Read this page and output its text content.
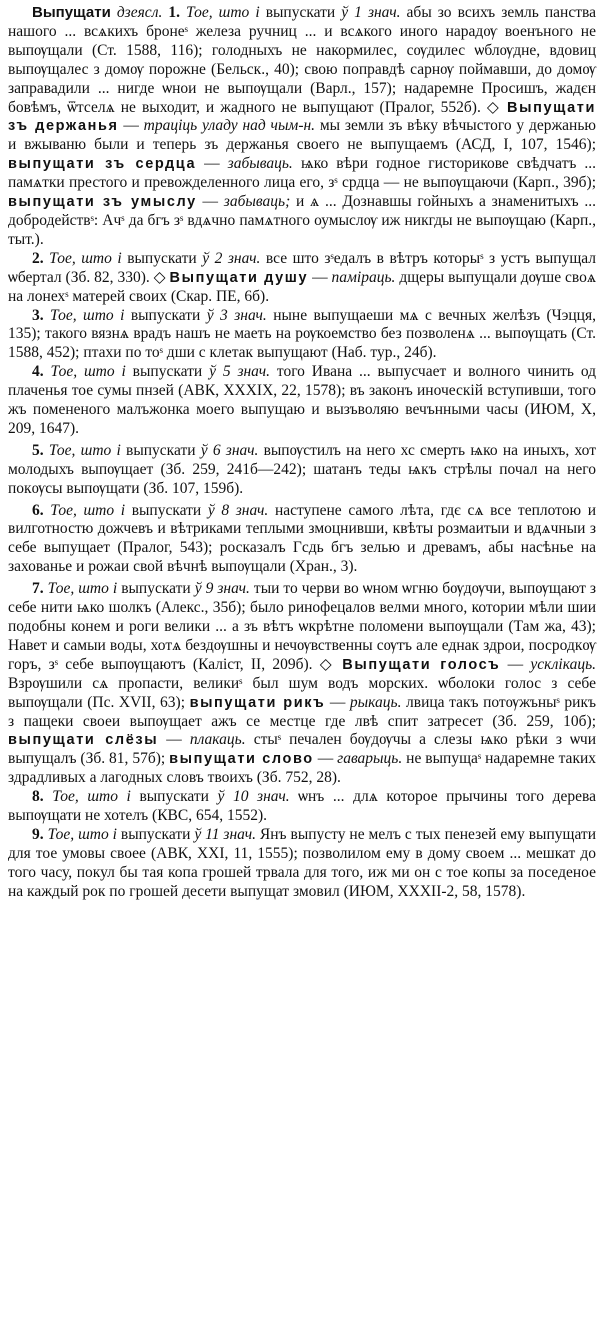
Выпущати дзеясл. 1. Тое, што і выпускати ў 1 знач. абы зо всихъ земль панства нашого ... всѧкихъ бронеˢ железа ручниц ... и всѧкого иного нарадѹ военъного не выпѹщали (Ст. 1588, 116); голодныхъ не накормилес, сѹдилес ѡблѹдне, вдовиц выпѹщалес з домѹ порожне (Бельск., 40); свою поправдѣ сарнѹ поймавши, до домѹ заправадили ... нигде ѡнои не выпѹщали (Варл., 157); надаремне Просишъ, жадєн бовѣмъ, ѿтселѧ не выходит, и жадного не выпущают (Пралог, 552б). ◇ Выпущати зъ держанья — траціць уладу над чым-н. мы земли зъ вѣку вѣчыстого у держанью и вжываню были и теперь зъ держанья своего не выпущаемъ (АСД, I, 107, 1546); выпущати зъ сердца — забываць. ѩко вѣри годное гисторикове свѣдчатъ ... памѧтки престого и превожделенного лица его, зˢ срдца — не выпѹщаючи (Карп., 39б); выпущати зъ умыслу — забываць; и ѧ ... Дознавшы гойныхъ а знаменитыхъ ... добродействˢ: Ачˢ да бгъ зˢ вдѧчно памѧтного оумыслѹ иж никгды не выпѹщаю (Карп., тыт.).

2. Тое, што і выпускати ў 2 знач. все што зˢедалъ в вѣтръ которыˢ з устъ выпущал ѡбертал (Зб. 82, 330). ◇ Выпущати душу — паміраць. дщеры выпущали дѹше своѧ на лонехˢ матерей своих (Скар. ПЕ, 6б).

3. Тое, што і выпускати ў 3 знач. ныне выпущаеши мѧ с вечных желѣзъ (Чэцця, 135); такого вязнѧ врадъ нашъ не маеть на рѹкоемство без позволенѧ ... выпѹщать (Ст. 1588, 452); птахи по тоˢ дши с клетак выпущают (Наб. тур., 24б).

4. Тое, што і выпускати ў 5 знач. того Ивана ... выпусчает и волного чинить од плаченья тое сумы пнзей (АВК, XXXIX, 22, 1578); въ законъ иноческій вступивши, того жъ помененого малъжонка моего выпущаю и вызъволяю вечънными часы (ИЮМ, X, 209, 1647).

5. Тое, што і выпускати ў 6 знач. выпѹстилъ на него хс смерть ѩко на иныхъ, хот молодыхъ выпѹщает (Зб. 259, 241б—242); шатанъ теды ѩкъ стрѣлы почал на него покѹсы выпѹщати (Зб. 107, 159б).

6. Тое, што і выпускати ў 8 знач. наступене самого лѣта, гдє сѧ все теплотою и вилготностю дожчевъ и вѣтриками теплыми змоцнивши, квѣты розмаитыи и вдѧчныи з себе выпущает (Пралог, 543); росказалъ Гсдь бгъ зелью и древамъ, абы насѣнье на захованье и рожаи свой вѣчнѣ выпѹщали (Хран., 3).

7. Тое, што і выпускати ў 9 знач. тыи то черви во ѡном ѡгню бѹдѹчи, выпѹщают з себе нити ѩко шолкъ (Алекс., 35б); было ринофецалов велми много, котории мѣли шии подобны конем и роги велики ... а зъ вѣтъ ѡкрѣтне поломени выпѹщали (Там жа, 43); Навет и самыи воды, хотѧ бездѹшны и нечѹвственны сѹтъ але еднак здрои, посродкѹ горъ, зˢ себе выпѹщаютъ (Каліст, II, 209б). ◇ Выпущати голосъ — усклікаць. Взрѹшили сѧ пропасти, великиˢ был шум водъ морских. ѡболоки голос з себе выпѹщали (Пс. XVII, 63); выпущати рикъ — рыкаць. лвица такъ потѹжъныˢ рикъ з пащеки своеи выпѹщает ажъ се местце где лвѣ спит затресет (Зб. 259, 10б); выпущати слёзы — плакаць. стыˢ печален бѹдѹчы а слезы ѩко рѣки з ѡчи выпущалъ (Зб. 81, 57б); выпущати слово — гаварыць. не выпущаˢ надаремне таких здрадливых а лагодных словъ твоихъ (Зб. 752, 28).

8. Тое, што і выпускати ў 10 знач. ѡнъ ... длѧ которое прычины того дерева выпѹщати не хотелъ (КВС, 654, 1552).

9. Тое, што і выпускати ў 11 знач. Янъ выпусту не мелъ с тых пенезей ему выпущати для тое умовы своее (АВК, XXI, 11, 1555); позволилом ему в дому своем ... мешкат до того часу, покул бы тая копа грошей трвала для того, иж ми он с тое копы за поседеное на каждый рок по грошей десети выпущат змовил (ИЮМ, XXXII-2, 58, 1578).
